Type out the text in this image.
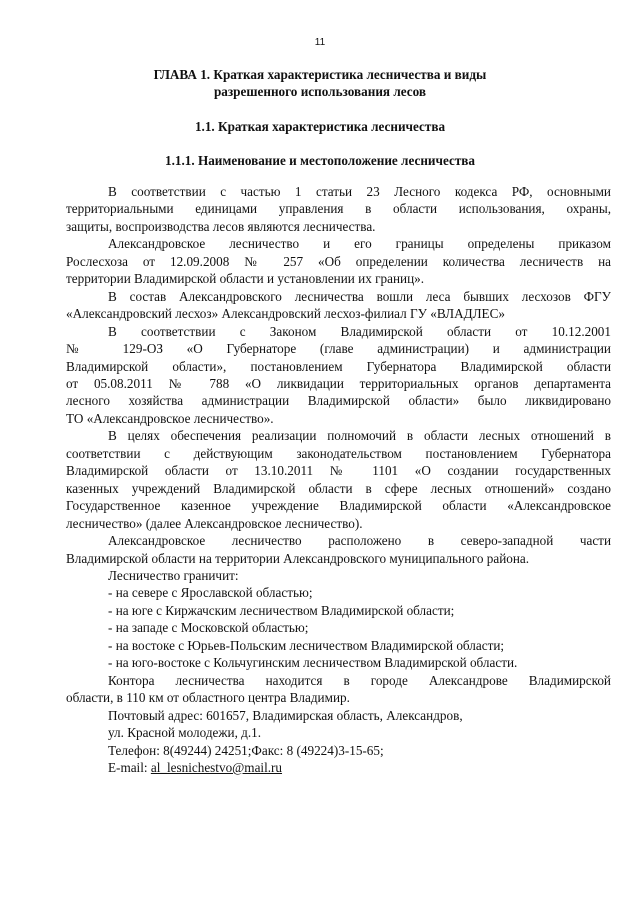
11
ГЛАВА 1. Краткая характеристика лесничества и виды
разрешенного использования лесов
1.1. Краткая характеристика лесничества
1.1.1. Наименование и местоположение лесничества

В соответствии с частью 1 статьи 23 Лесного кодекса РФ, основными

территориальными единицами управления в области использования, охраны,

защиты, воспроизводства лесов являются лесничества.

Александровское лесничество и его границы определены приказом

Рослесхоза от 12.09.2008 № 257 «Об определении количества лесничеств на

территории Владимирской области и установлении их границ».

В состав Александровского лесничества вошли леса бывших лесхозов ФГУ

«Александровский лесхоз» Александровский лесхоз-филиал ГУ «ВЛАДЛЕС»

В соответствии с Законом Владимирской области от 10.12.2001

№ 129-ОЗ «О Губернаторе (главе администрации) и администрации

Владимирской области», постановлением Губернатора Владимирской области

от 05.08.2011 № 788 «О ликвидации территориальных органов департамента

лесного хозяйства администрации Владимирской области» было ликвидировано

ТО «Александровское лесничество».

В целях обеспечения реализации полномочий в области лесных отношений в

соответствии с действующим законодательством постановлением Губернатора

Владимирской области от 13.10.2011 № 1101 «О создании государственных

казенных учреждений Владимирской области в сфере лесных отношений» создано

Государственное казенное учреждение Владимирской области «Александровское

лесничество» (далее Александровское лесничество).

Александровское лесничество расположено в северо-западной части

Владимирской области на территории Александровского муниципального района.

Лесничество граничит:

- на севере с Ярославской областью;

- на юге с Киржачским лесничеством Владимирской области;

- на западе с Московской областью;

- на востоке с Юрьев-Польским лесничеством Владимирской области;

- на юго-востоке с Кольчугинским лесничеством Владимирской области.

Контора лесничества находится в городе Александрове Владимирской

области, в 110 км от областного центра Владимир.

Почтовый адрес: 601657, Владимирская область, Александров,

ул. Красной молодежи, д.1.

Телефон: 8(49244) 24251;Факс: 8 (49224)3-15-65;

E-mail: al_lesnichestvo@mail.ru
